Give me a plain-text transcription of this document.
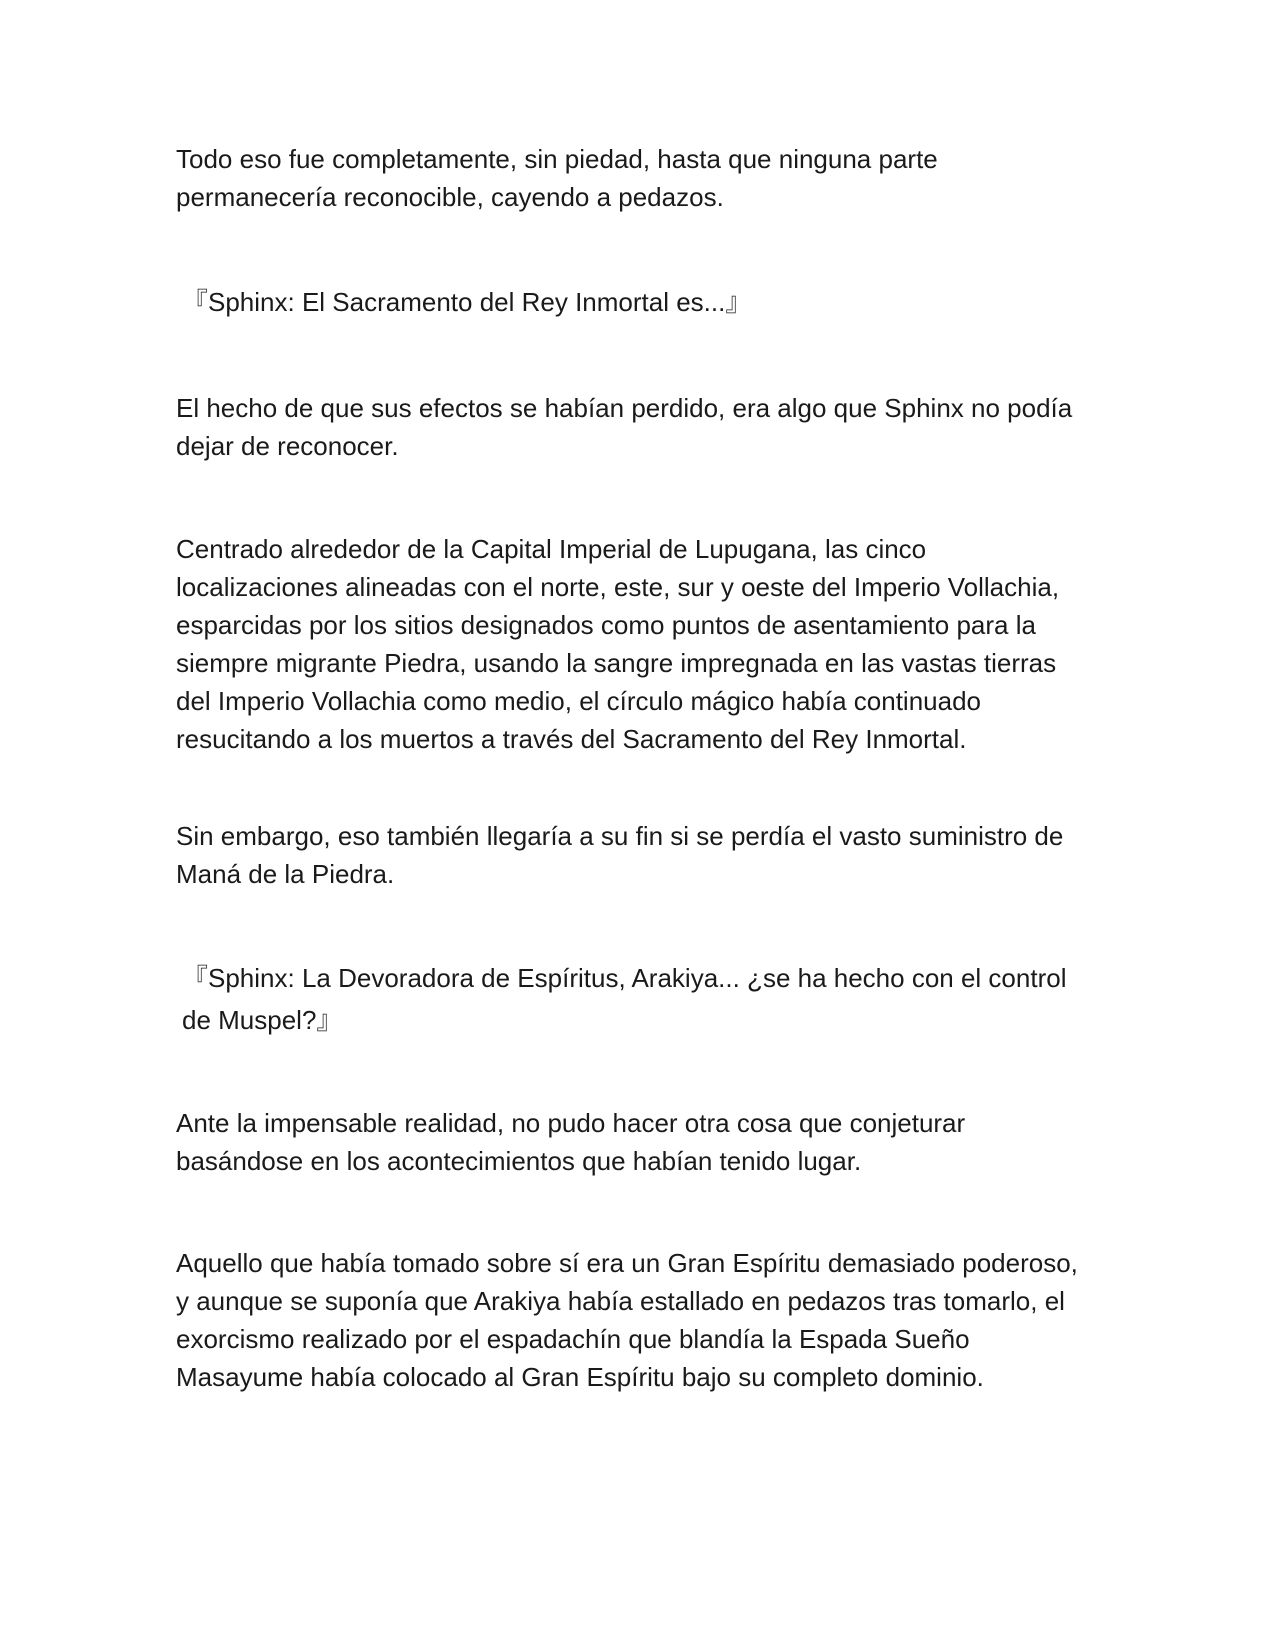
Todo eso fue completamente, sin piedad, hasta que ninguna parte
permanecería reconocible, cayendo a pedazos.

『Sphinx: El Sacramento del Rey Inmortal es...』

El hecho de que sus efectos se habían perdido, era algo que Sphinx no podía
dejar de reconocer.

Centrado alrededor de la Capital Imperial de Lupugana, las cinco
localizaciones alineadas con el norte, este, sur y oeste del Imperio Vollachia,
esparcidas por los sitios designados como puntos de asentamiento para la
siempre migrante Piedra, usando la sangre impregnada en las vastas tierras
del Imperio Vollachia como medio, el círculo mágico había continuado
resucitando a los muertos a través del Sacramento del Rey Inmortal.

Sin embargo, eso también llegaría a su fin si se perdía el vasto suministro de
Maná de la Piedra.

『Sphinx: La Devoradora de Espíritus, Arakiya... ¿se ha hecho con el control
de Muspel?』

Ante la impensable realidad, no pudo hacer otra cosa que conjeturar
basándose en los acontecimientos que habían tenido lugar.

Aquello que había tomado sobre sí era un Gran Espíritu demasiado poderoso,
y aunque se suponía que Arakiya había estallado en pedazos tras tomarlo, el
exorcismo realizado por el espadachín que blandía la Espada Sueño
Masayume había colocado al Gran Espíritu bajo su completo dominio.
